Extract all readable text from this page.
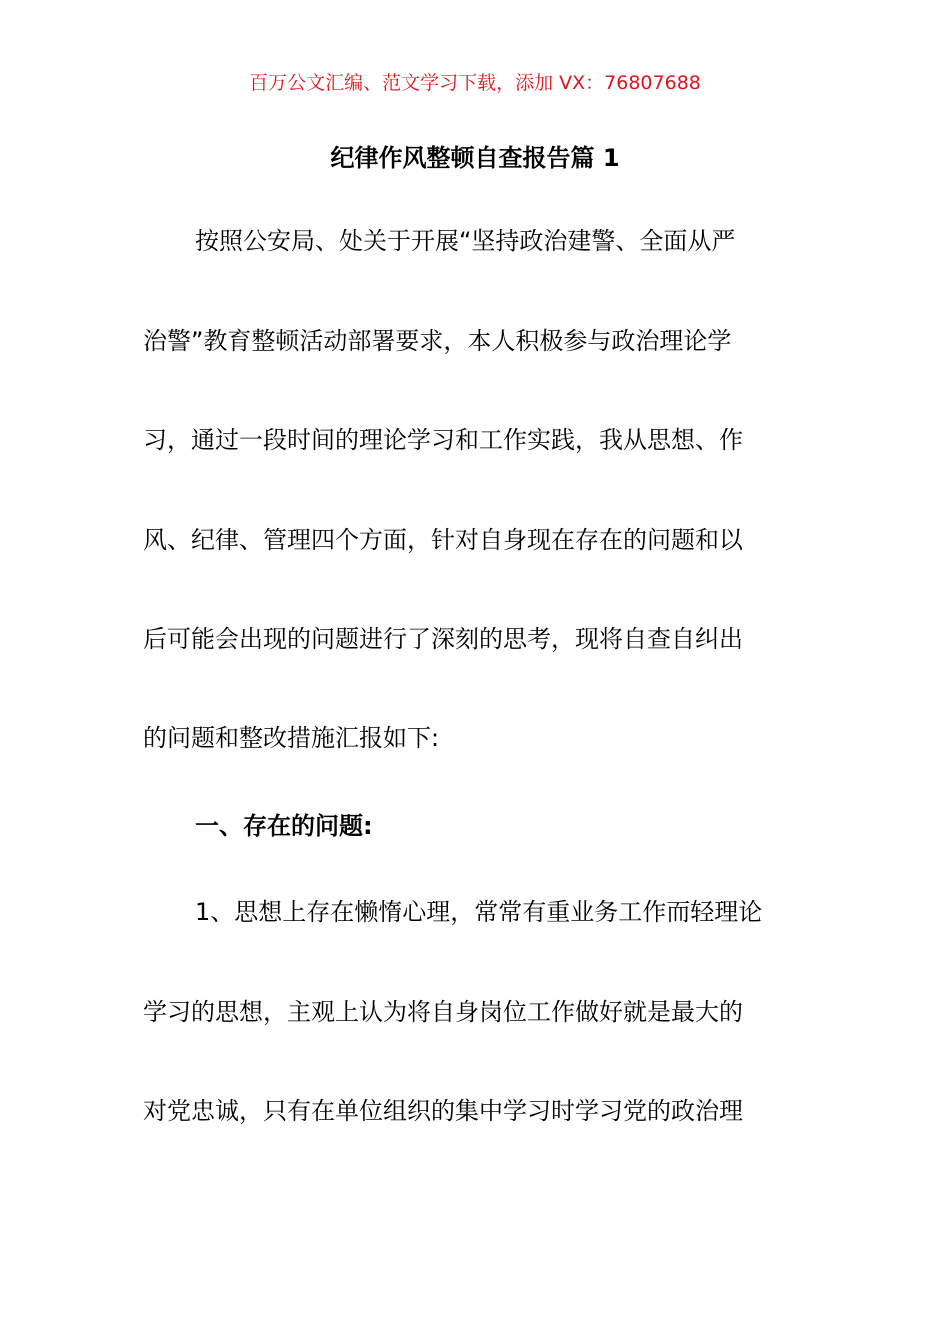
百万公文汇编、范文学习下载，添加 VX：76807688
纪律作风整顿自查报告篇 1
按照公安局、处关于开展“坚持政治建警、全面从严
治警”教育整顿活动部署要求，本人积极参与政治理论学
习，通过一段时间的理论学习和工作实践，我从思想、作
风、纪律、管理四个方面，针对自身现在存在的问题和以
后可能会出现的问题进行了深刻的思考，现将自查自纠出
的问题和整改措施汇报如下:
一、存在的问题:
1、思想上存在懒惰心理，常常有重业务工作而轻理论
学习的思想，主观上认为将自身岗位工作做好就是最大的
对党忠诚，只有在单位组织的集中学习时学习党的政治理
